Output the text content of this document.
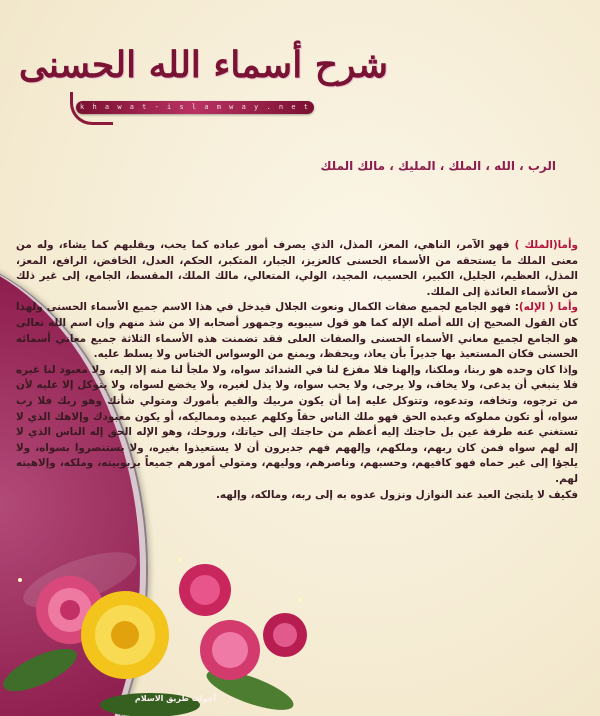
شرح أسماء الله الحسنى
k h a w a t - i s l a m w a y . n e t
الرب ، الله ، الملك ، المليك ، مالك الملك

وأما(الملك ) فهو الآمر، الناهي، المعز، المذل، الذي يصرف أمور عباده كما يحب، ويقلبهم كما يشاء، وله من معنى الملك ما يستحقه من الأسماء الحسنى كالعزيز، الجبار، المتكبر، الحكم، العدل، الخافض، الرافع، المعز، المذل، العظيم، الجليل، الكبير، الحسيب، المجيد، الولي، المتعالي، مالك الملك، المقسط، الجامع، إلى غير ذلك من الأسماء العائدة إلى الملك.

وأما ( الإله): فهو الجامع لجميع صفات الكمال ونعوت الجلال فيدخل في هذا الاسم جميع الأسماء الحسنى ولهذا كان القول الصحيح إن الله أصله الإله كما هو قول سيبويه وجمهور أصحابه إلا من شذ منهم وإن اسم الله تعالى هو الجامع لجميع معاني الأسماء الحسنى والصفات العلى فقد تضمنت هذه الأسماء الثلاثة جميع معاني أسمائه الحسنى فكان المستعيذ بها جديراً بأن يعاذ، ويحفظ، ويمنع من الوسواس الخناس ولا يسلط عليه.

وإذا كان وحده هو ربنا، وملكنا، وإلهنا فلا مفزع لنا في الشدائد سواه، ولا ملجأ لنا منه إلا إليه، ولا معبود لنا غيره فلا ينبغي أن يدعى، ولا يخاف، ولا يرجى، ولا يحب سواه، ولا يذل لغيره، ولا يخضع لسواه، ولا يتوكل إلا عليه لأن من ترجوه، وتخافه، وتدعوه، وتتوكل عليه إما أن يكون مربيك والقيم بأمورك ومتولي شأنك وهو ربك فلا رب سواه، أو تكون مملوكه وعبده الحق فهو ملك الناس حقاً وكلهم عبيده ومماليكه، أو يكون معبودك وإلاهك الذي لا تستغني عنه طرفة عين بل حاجتك إليه أعظم من حاجتك إلى حياتك، وروحك، وهو الإله الحق إله الناس الذي لا إله لهم سواه فمن كان ربهم، وملكهم، وإلههم فهم جديرون أن لا يستعيذوا بغيره، ولا يستنصروا بسواه، ولا يلجؤا إلى غير حماه فهو كافيهم، وحسبهم، وناصرهم، ووليهم، ومتولي أمورهم جميعاً بربوبيته، وملكه، وإلاهيته لهم.

فكيف لا يلتجئ العبد عند النوازل ونزول عدوه به إلى ربه، ومالكه، وإلهه.

أخوات طريق الاسلام
